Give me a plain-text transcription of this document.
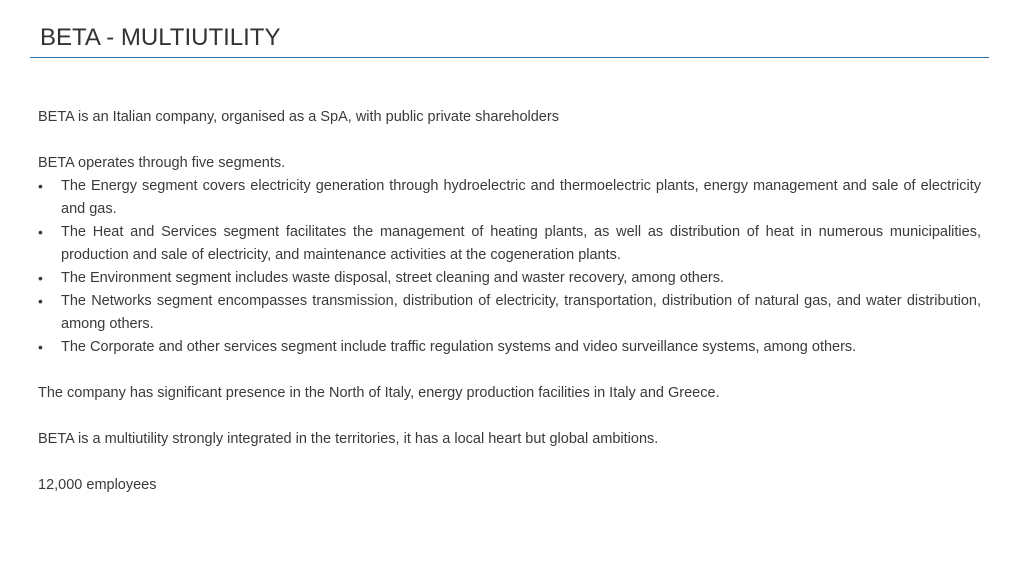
BETA - MULTIUTILITY

BETA is an Italian company, organised as a SpA, with public private shareholders

BETA operates through five segments.

•	The Energy segment covers electricity generation through hydroelectric and thermoelectric plants, energy management and sale of electricity and gas.
•	The Heat and Services segment facilitates the management of heating plants, as well as distribution of heat in numerous municipalities, production and sale of electricity, and maintenance activities at the cogeneration plants.
•	The Environment segment includes waste disposal, street cleaning and waster recovery, among others.
•	The Networks segment encompasses transmission, distribution of electricity, transportation, distribution of natural gas, and water distribution, among others.
•	The Corporate and other services segment include traffic regulation systems and video surveillance systems, among others.

The company has significant presence in the North of Italy, energy production facilities in Italy and Greece.

BETA is a multiutility strongly integrated in the territories, it has a local heart but global ambitions.

12,000 employees
